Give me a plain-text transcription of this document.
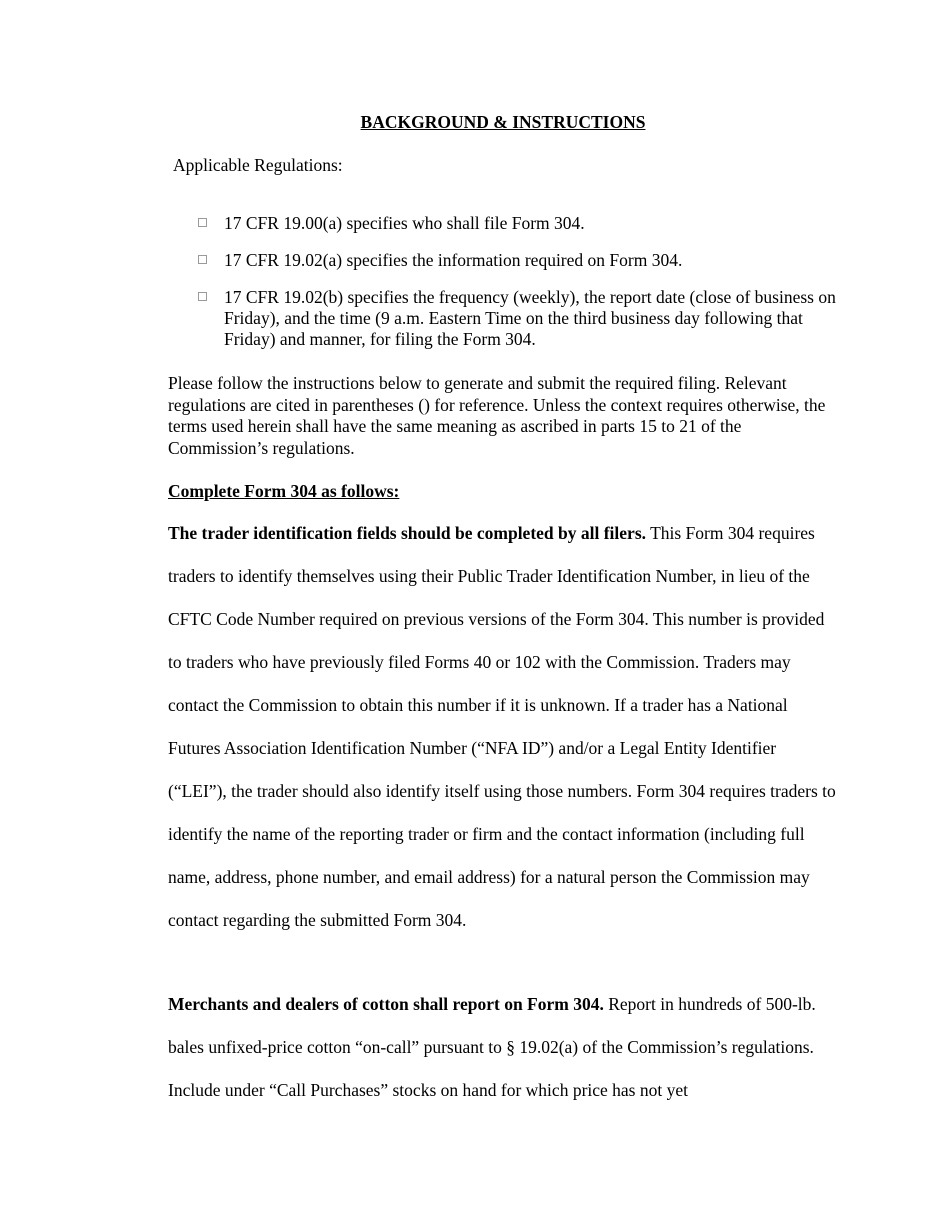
BACKGROUND & INSTRUCTIONS

Applicable Regulations:

17 CFR 19.00(a) specifies who shall file Form 304.
17 CFR 19.02(a) specifies the information required on Form 304.
17 CFR 19.02(b) specifies the frequency (weekly), the report date (close of business on Friday), and the time (9 a.m. Eastern Time on the third business day following that Friday) and manner, for filing the Form 304.

Please follow the instructions below to generate and submit the required filing. Relevant regulations are cited in parentheses () for reference. Unless the context requires otherwise, the terms used herein shall have the same meaning as ascribed in parts 15 to 21 of the Commission’s regulations.

Complete Form 304 as follows:

The trader identification fields should be completed by all filers. This Form 304 requires traders to identify themselves using their Public Trader Identification Number, in lieu of the CFTC Code Number required on previous versions of the Form 304. This number is provided to traders who have previously filed Forms 40 or 102 with the Commission. Traders may contact the Commission to obtain this number if it is unknown. If a trader has a National Futures Association Identification Number (“NFA ID”) and/or a Legal Entity Identifier (“LEI”), the trader should also identify itself using those numbers. Form 304 requires traders to identify the name of the reporting trader or firm and the contact information (including full name, address, phone number, and email address) for a natural person the Commission may contact regarding the submitted Form 304.

Merchants and dealers of cotton shall report on Form 304. Report in hundreds of 500-lb. bales unfixed-price cotton “on-call” pursuant to § 19.02(a) of the Commission’s regulations. Include under “Call Purchases” stocks on hand for which price has not yet
